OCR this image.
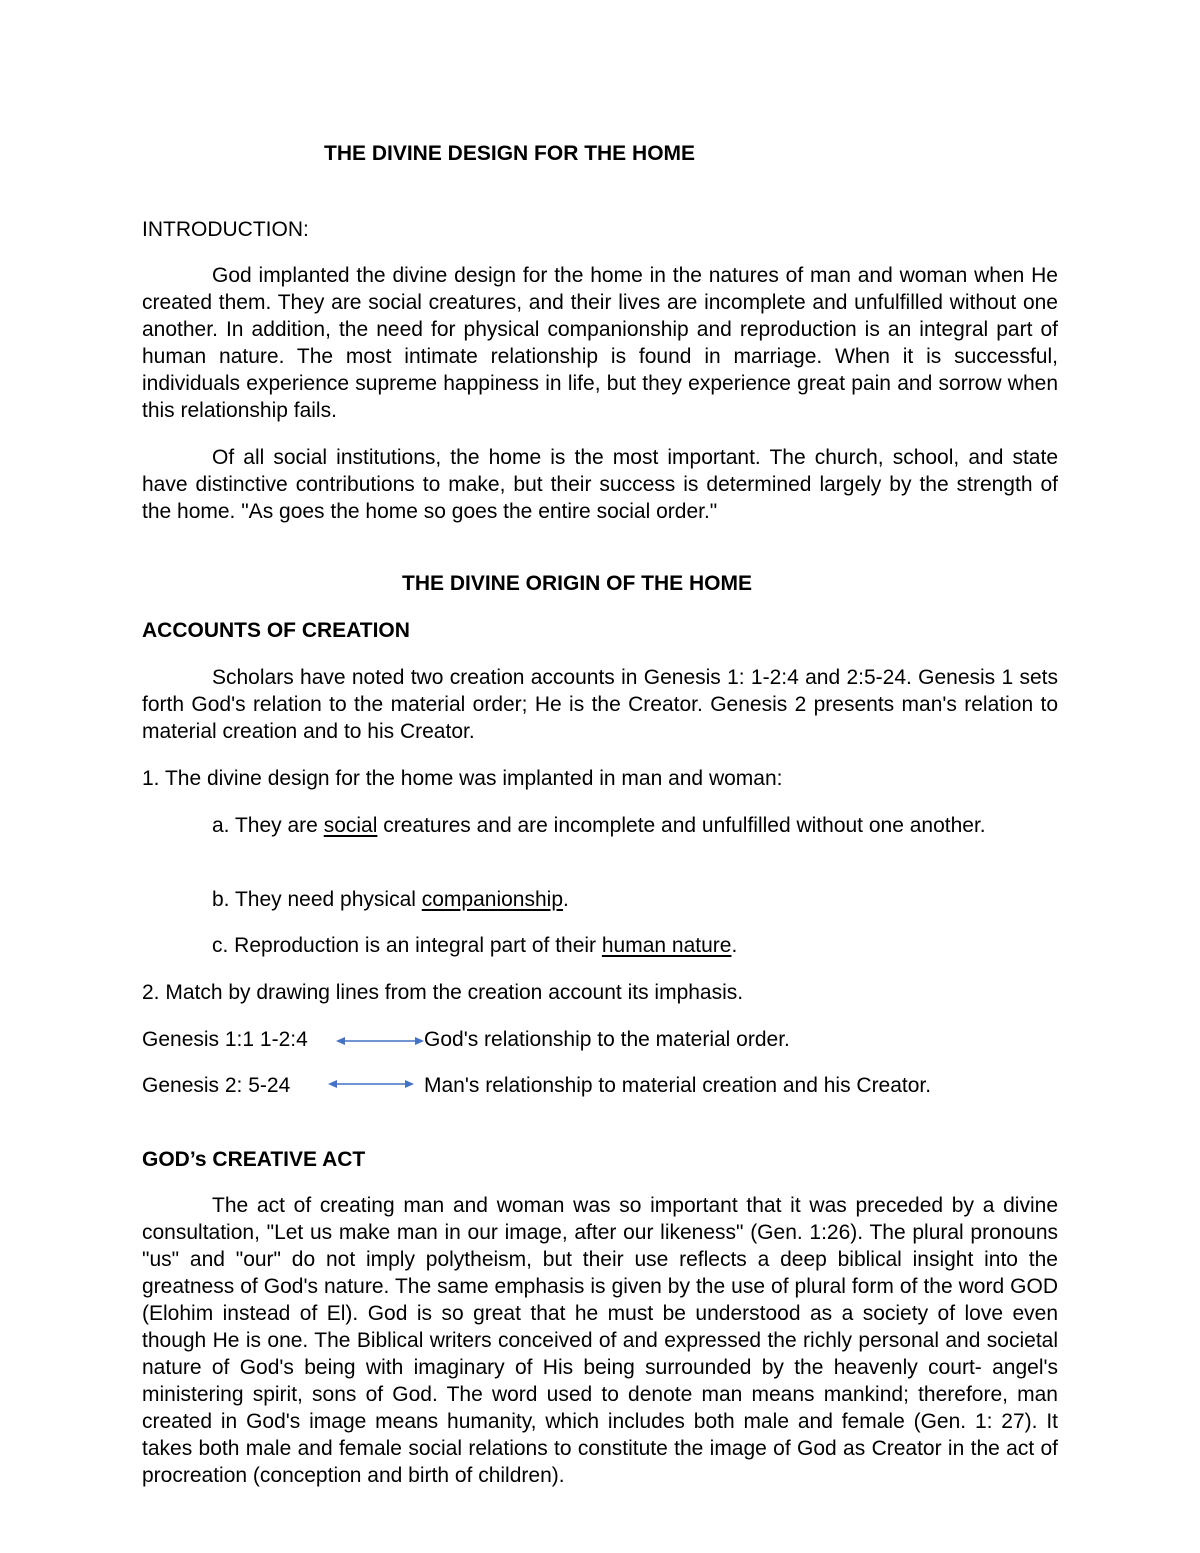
THE DIVINE DESIGN FOR THE HOME

INTRODUCTION:

God implanted the divine design for the home in the natures of man and woman when He created them. They are social creatures, and their lives are incomplete and unfulfilled without one another. In addition, the need for physical companionship and reproduction is an integral part of human nature. The most intimate relationship is found in marriage. When it is successful, individuals experience supreme happiness in life, but they experience great pain and sorrow when this relationship fails.

Of all social institutions, the home is the most important. The church, school, and state have distinctive contributions to make, but their success is determined largely by the strength of the home. "As goes the home so goes the entire social order."

THE DIVINE ORIGIN OF THE HOME

ACCOUNTS OF CREATION

Scholars have noted two creation accounts in Genesis 1: 1-2:4 and 2:5-24. Genesis 1 sets forth God's relation to the material order; He is the Creator. Genesis 2 presents man's relation to material creation and to his Creator.

1. The divine design for the home was implanted in man and woman:

a. They are social creatures and are incomplete and unfulfilled without one another.

b. They need physical companionship.

c. Reproduction is an integral part of their human nature.

2. Match by drawing lines from the creation account its imphasis.

Genesis 1:1 1-2:4	God's relationship to the material order.
Genesis 2: 5-24	Man's relationship to material creation and his Creator.

GOD’s CREATIVE ACT

The act of creating man and woman was so important that it was preceded by a divine consultation, "Let us make man in our image, after our likeness" (Gen. 1:26). The plural pronouns "us" and "our" do not imply polytheism, but their use reflects a deep biblical insight into the greatness of God's nature. The same emphasis is given by the use of plural form of the word GOD (Elohim instead of El). God is so great that he must be understood as a society of love even though He is one. The Biblical writers conceived of and expressed the richly personal and societal nature of God's being with imaginary of His being surrounded by the heavenly court- angel's ministering spirit, sons of God. The word used to denote man means mankind; therefore, man created in God's image means humanity, which includes both male and female (Gen. 1: 27). It takes both male and female social relations to constitute the image of God as Creator in the act of procreation (conception and birth of children).
